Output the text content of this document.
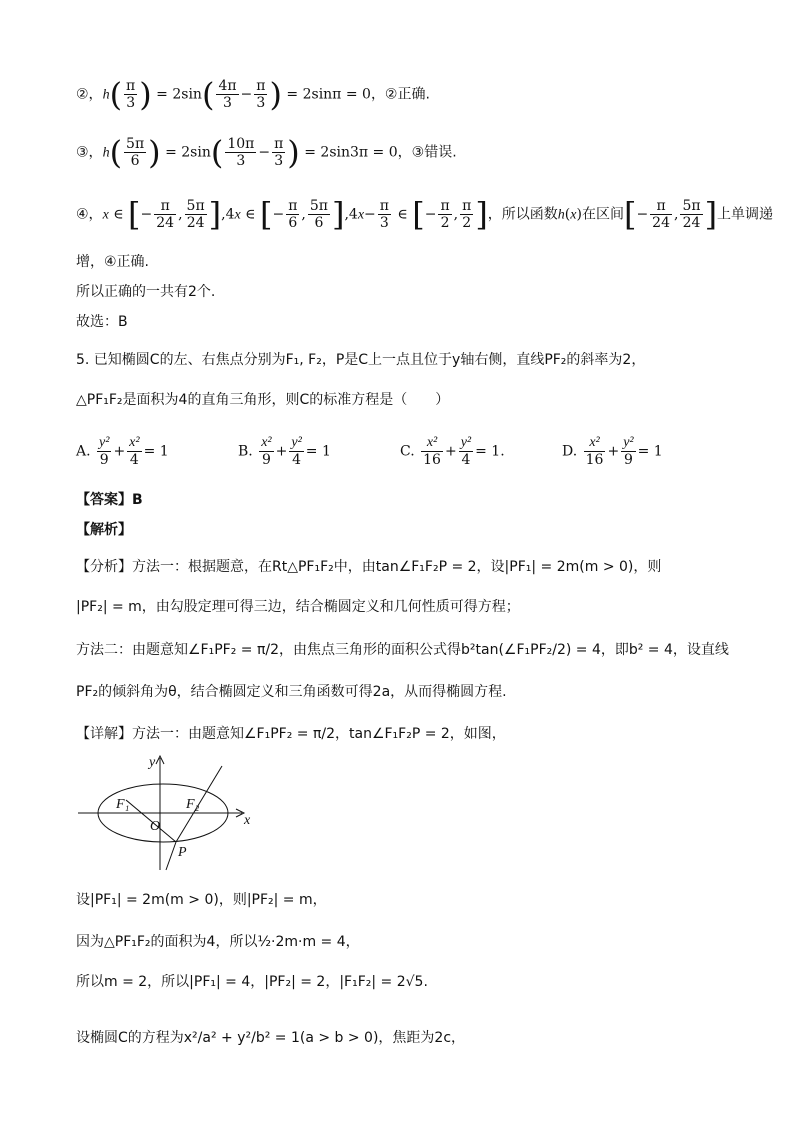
②，$h( \frac{\pi}{3}$ ) = $2\sin( \frac{4\pi}{3} - \frac{\pi}{3}$ ) = 2sinπ = 0，②正确.
③，$h( \frac{5\pi}{6}$ ) = $2\sin( \frac{10\pi}{3} - \frac{\pi}{3}$ ) = 2sin3π = 0，③错误.
④，x ∈ [− $\frac{\pi}{24}$ , $\frac{5\pi}{24} ],4x$ ∈ [− $\frac{\pi}{6}$ , $\frac{5\pi}{6} ],4x- \frac{\pi}{3}$ ∈ [− $\frac{\pi}{2}$ , $\frac{\pi}{2}$ ]，所以函数h(x)在区间[− $\frac{\pi}{24}$ , $\frac{5\pi}{24}$ ]上单调递
增，④正确.
所以正确的一共有2个.
故选：B
5. 已知椭圆C的左、右焦点分别为F₁, F₂，P是C上一点且位于y轴右侧，直线PF₂的斜率为2，
△PF₁F₂是面积为4的直角三角形，则C的标准方程是（　　）
A. $\frac{\text{y²}}{9} + \frac{\text{x²}}{4} = 1$	B. $\frac{\text{x²}}{9} + \frac{\text{y²}}{4} = 1$	C. $\frac{\text{x²}}{16} + \frac{\text{y²}}{4} = 1$.	D. $\frac{\text{x²}}{16} + \frac{\text{y²}}{9} = 1$
【答案】B
【解析】
【分析】方法一：根据题意，在Rt△PF₁F₂中，由tan∠F₁F₂P = 2，设|PF₁| = 2m(m > 0)，则
|PF₂| = m，由勾股定理可得三边，结合椭圆定义和几何性质可得方程；
方法二：由题意知∠F₁PF₂ = π/2，由焦点三角形的面积公式得b²tan(∠F₁PF₂/2) = 4，即b² = 4，设直线
PF₂的倾斜角为θ，结合椭圆定义和三角函数可得2a，从而得椭圆方程.
【详解】方法一：由题意知∠F₁PF₂ = π/2，tan∠F₁F₂P = 2，如图，
y
x
F₁	F₂
O
P
设|PF₁| = 2m(m > 0)，则|PF₂| = m，
因为△PF₁F₂的面积为4，所以½·2m·m = 4，
所以m = 2，所以|PF₁| = 4，|PF₂| = 2，|F₁F₂| = 2√5.
设椭圆C的方程为x²/a² + y²/b² = 1(a > b > 0)，焦距为2c，
